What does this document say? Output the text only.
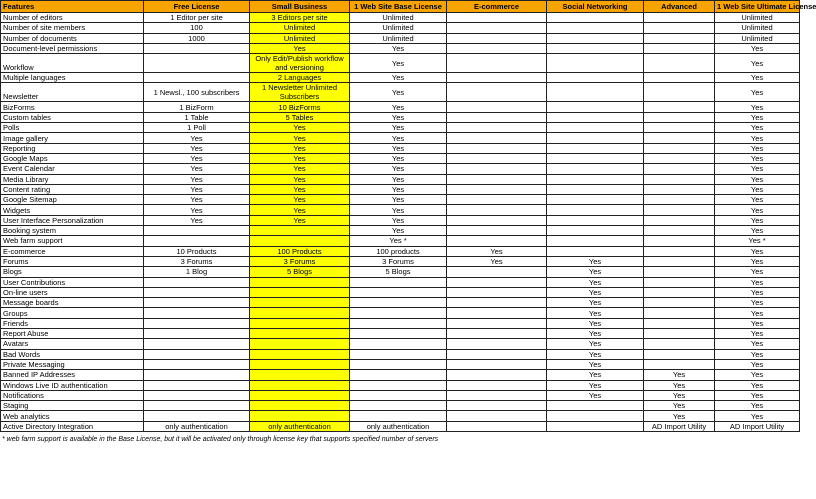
Features	Free License	Small Business	1 Web Site Base License	E-commerce	Social Networking	Advanced	1 Web Site Ultimate License
Number of editors	1 Editor per site	3 Editors per site	Unlimited				Unlimited
Number of site members	100	Unlimited	Unlimited				Unlimited
Number of documents	1000	Unlimited	Unlimited				Unlimited
Document-level permissions		Yes	Yes				Yes
Workflow		Only Edit/Publish workflow and versioning	Yes				Yes
Multiple languages		2 Languages	Yes				Yes
Newsletter	1 Newsl., 100 subscribers	1 Newsletter Unlimited Subscribers	Yes				Yes
BizForms	1 BizForm	10 BizForms	Yes				Yes
Custom tables	1 Table	5 Tables	Yes				Yes
Polls	1 Poll	Yes	Yes				Yes
Image gallery	Yes	Yes	Yes				Yes
Reporting	Yes	Yes	Yes				Yes
Google Maps	Yes	Yes	Yes				Yes
Event Calendar	Yes	Yes	Yes				Yes
Media Library	Yes	Yes	Yes				Yes
Content rating	Yes	Yes	Yes				Yes
Google Sitemap	Yes	Yes	Yes				Yes
Widgets	Yes	Yes	Yes				Yes
User Interface Personalization	Yes	Yes	Yes				Yes
Booking system			Yes				Yes
Web farm support			Yes *				Yes *
E-commerce	10 Products	100 Products	100 products	Yes			Yes
Forums	3 Forums	3 Forums	3 Forums	Yes	Yes		Yes
Blogs	1 Blog	5 Blogs	5 Blogs		Yes		Yes
User Contributions					Yes		Yes
On-line users					Yes		Yes
Message boards					Yes		Yes
Groups					Yes		Yes
Friends					Yes		Yes
Report Abuse					Yes		Yes
Avatars					Yes		Yes
Bad Words					Yes		Yes
Private Messaging					Yes		Yes
Banned IP Addresses					Yes	Yes	Yes
Windows Live ID authentication					Yes	Yes	Yes
Notifications					Yes	Yes	Yes
Staging						Yes	Yes
Web analytics						Yes	Yes
Active Directory Integration	only authentication	only authentication	only authentication			AD Import Utility	AD Import Utility
* web farm support is available in the Base License, but it will be activated only through license key that supports specified number of servers
